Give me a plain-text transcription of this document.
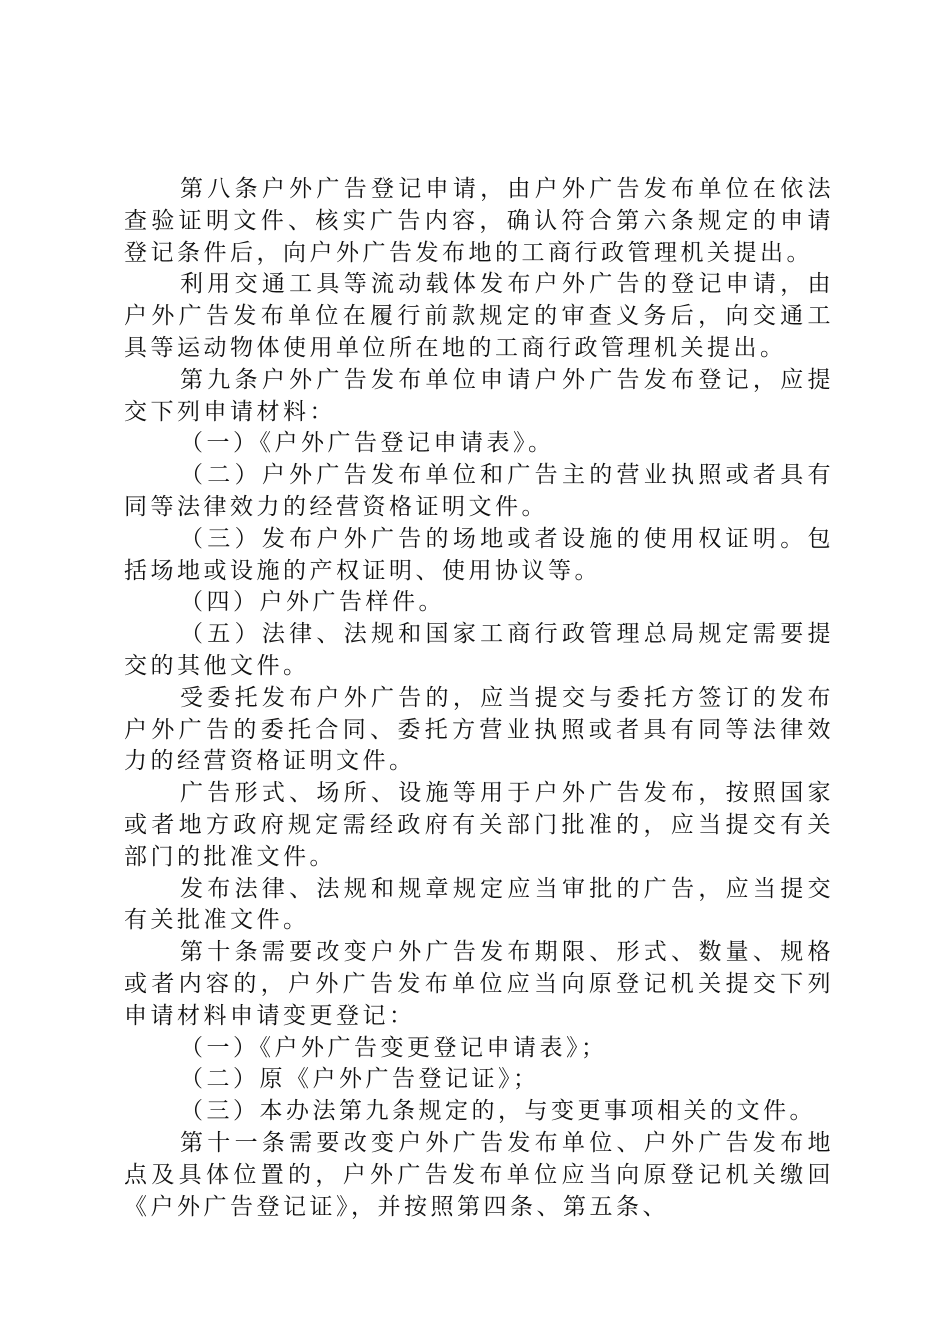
第八条户外广告登记申请，由户外广告发布单位在依法查验证明文件、核实广告内容，确认符合第六条规定的申请登记条件后，向户外广告发布地的工商行政管理机关提出。

利用交通工具等流动载体发布户外广告的登记申请，由户外广告发布单位在履行前款规定的审查义务后，向交通工具等运动物体使用单位所在地的工商行政管理机关提出。

第九条户外广告发布单位申请户外广告发布登记，应提交下列申请材料：

（一）《户外广告登记申请表》。

（二）户外广告发布单位和广告主的营业执照或者具有同等法律效力的经营资格证明文件。

（三）发布户外广告的场地或者设施的使用权证明。包括场地或设施的产权证明、使用协议等。

（四）户外广告样件。

（五）法律、法规和国家工商行政管理总局规定需要提交的其他文件。

受委托发布户外广告的，应当提交与委托方签订的发布户外广告的委托合同、委托方营业执照或者具有同等法律效力的经营资格证明文件。

广告形式、场所、设施等用于户外广告发布，按照国家或者地方政府规定需经政府有关部门批准的，应当提交有关部门的批准文件。

发布法律、法规和规章规定应当审批的广告，应当提交有关批准文件。

第十条需要改变户外广告发布期限、形式、数量、规格或者内容的，户外广告发布单位应当向原登记机关提交下列申请材料申请变更登记：

（一）《户外广告变更登记申请表》；

（二）原《户外广告登记证》；

（三）本办法第九条规定的，与变更事项相关的文件。

第十一条需要改变户外广告发布单位、户外广告发布地点及具体位置的，户外广告发布单位应当向原登记机关缴回《户外广告登记证》，并按照第四条、第五条、
